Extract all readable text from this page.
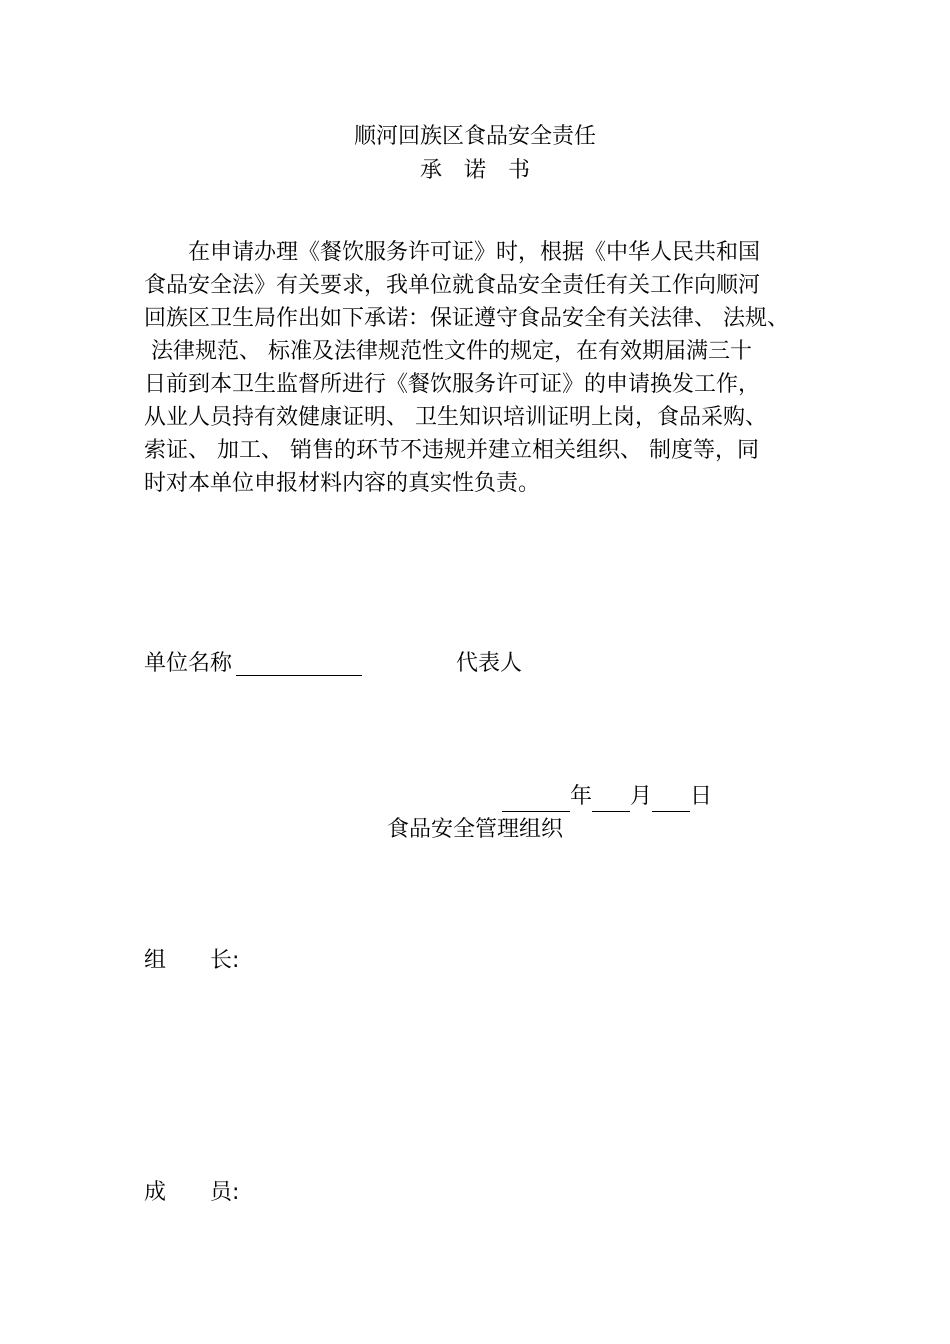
顺河回族区食品安全责任
承　诺　书
　　在申请办理《餐饮服务许可证》时，根据《中华人民共和国
食品安全法》有关要求，我单位就食品安全责任有关工作向顺河
回族区卫生局作出如下承诺：保证遵守食品安全有关法律、 法规、
法律规范、 标准及法律规范性文件的规定，在有效期届满三十
日前到本卫生监督所进行《餐饮服务许可证》的申请换发工作，
从业人员持有效健康证明、 卫生知识培训证明上岗，食品采购、
索证、 加工、 销售的环节不违规并建立相关组织、 制度等，同
时对本单位申报材料内容的真实性负责。
单位名称	代表人
年 月 日
食品安全管理组织
组　　长:
成　　员:
